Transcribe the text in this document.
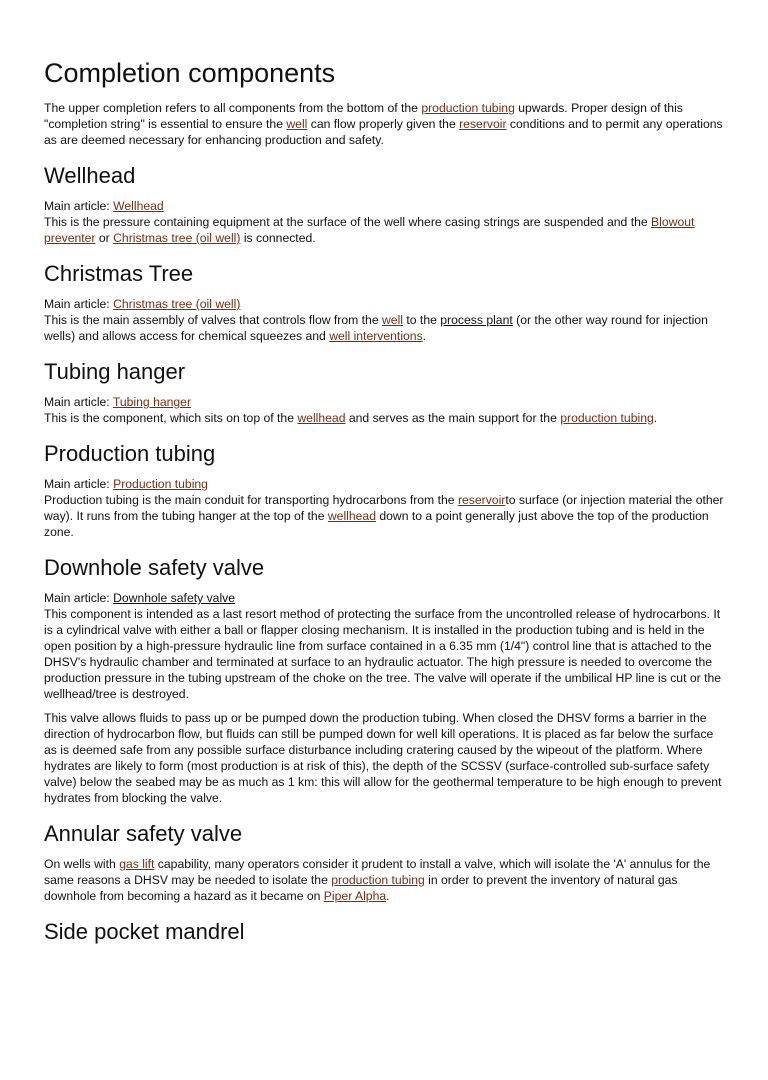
Completion components

The upper completion refers to all components from the bottom of the production tubing upwards. Proper design of this "completion string" is essential to ensure the well can flow properly given the reservoir conditions and to permit any operations as are deemed necessary for enhancing production and safety.

Wellhead

Main article: Wellhead

This is the pressure containing equipment at the surface of the well where casing strings are suspended and the Blowout preventer or Christmas tree (oil well) is connected.

Christmas Tree

Main article: Christmas tree (oil well)

This is the main assembly of valves that controls flow from the well to the process plant (or the other way round for injection wells) and allows access for chemical squeezes and well interventions.

Tubing hanger

Main article: Tubing hanger

This is the component, which sits on top of the wellhead and serves as the main support for the production tubing.

Production tubing

Main article: Production tubing

Production tubing is the main conduit for transporting hydrocarbons from the reservoirto surface (or injection material the other way). It runs from the tubing hanger at the top of the wellhead down to a point generally just above the top of the production zone.

Downhole safety valve

Main article: Downhole safety valve

This component is intended as a last resort method of protecting the surface from the uncontrolled release of hydrocarbons. It is a cylindrical valve with either a ball or flapper closing mechanism. It is installed in the production tubing and is held in the open position by a high-pressure hydraulic line from surface contained in a 6.35 mm (1/4") control line that is attached to the DHSV's hydraulic chamber and terminated at surface to an hydraulic actuator. The high pressure is needed to overcome the production pressure in the tubing upstream of the choke on the tree. The valve will operate if the umbilical HP line is cut or the wellhead/tree is destroyed.

This valve allows fluids to pass up or be pumped down the production tubing. When closed the DHSV forms a barrier in the direction of hydrocarbon flow, but fluids can still be pumped down for well kill operations. It is placed as far below the surface as is deemed safe from any possible surface disturbance including cratering caused by the wipeout of the platform. Where hydrates are likely to form (most production is at risk of this), the depth of the SCSSV (surface-controlled sub-surface safety valve) below the seabed may be as much as 1 km: this will allow for the geothermal temperature to be high enough to prevent hydrates from blocking the valve.

Annular safety valve

On wells with gas lift capability, many operators consider it prudent to install a valve, which will isolate the 'A' annulus for the same reasons a DHSV may be needed to isolate the production tubing in order to prevent the inventory of natural gas downhole from becoming a hazard as it became on Piper Alpha.

Side pocket mandrel
